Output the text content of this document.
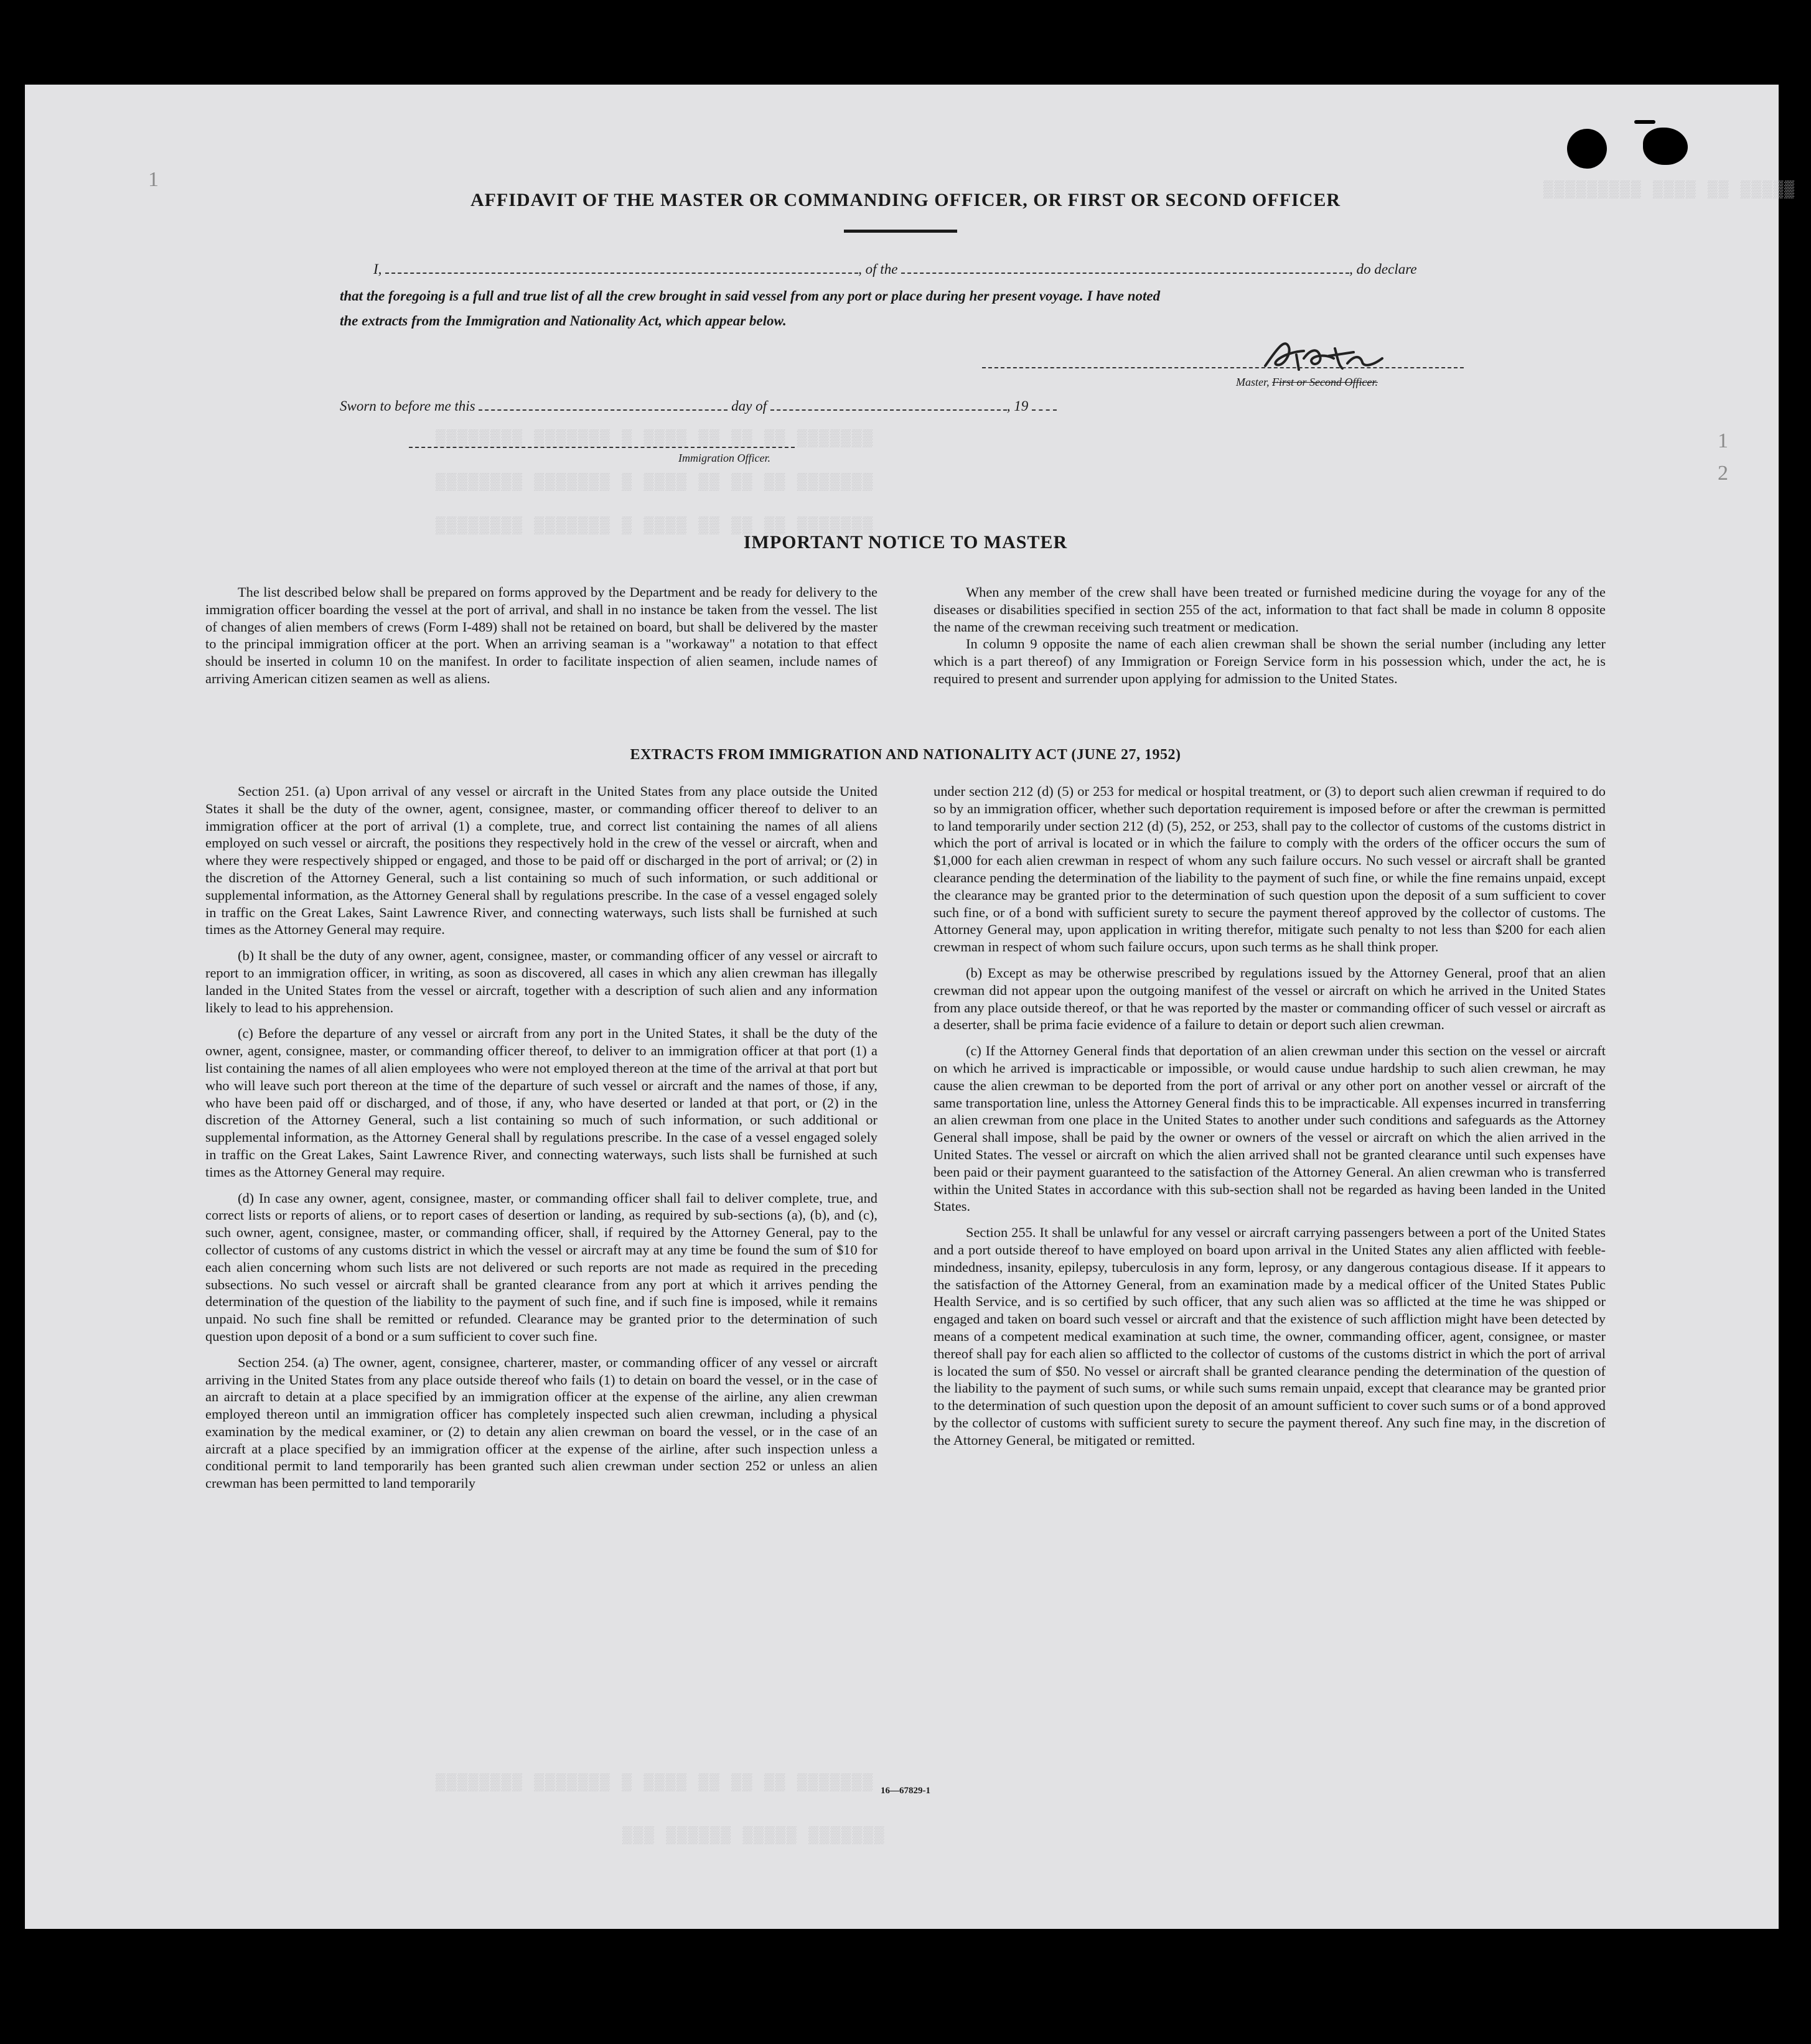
1
1
2
▒▒▒▒▒▒▒▒▒ ▒▒▒▒ ▒▒ ▒▒▒▒▒
▒▒▒▒▒▒▒▒ ▒▒▒▒▒▒▒ ▒ ▒▒▒▒ ▒▒ ▒▒ ▒▒ ▒▒▒▒▒▒▒
▒▒▒▒▒▒▒▒ ▒▒▒▒▒▒▒ ▒ ▒▒▒▒ ▒▒ ▒▒ ▒▒ ▒▒▒▒▒▒▒
▒▒▒▒▒▒▒▒ ▒▒▒▒▒▒▒ ▒ ▒▒▒▒ ▒▒ ▒▒ ▒▒ ▒▒▒▒▒▒▒
▒▒▒▒▒▒▒▒ ▒▒▒▒▒▒▒ ▒ ▒▒▒▒ ▒▒ ▒▒ ▒▒ ▒▒▒▒▒▒▒
▒▒▒ ▒▒▒▒▒▒ ▒▒▒▒▒ ▒▒▒▒▒▒▒
AFFIDAVIT OF THE MASTER OR COMMANDING OFFICER, OR FIRST OR SECOND OFFICER
I,	, of the	, do declare
that the foregoing is a full and true list of all the crew brought in said vessel from any port or place during her present voyage. I have noted
the extracts from the Immigration and Nationality Act, which appear below.
Master, First or Second Officer.
Sworn to before me this	day of	, 19
Immigration Officer.
IMPORTANT NOTICE TO MASTER

The list described below shall be prepared on forms approved by the Department and be ready for delivery to the immigration officer boarding the vessel at the port of arrival, and shall in no instance be taken from the vessel. The list of changes of alien members of crews (Form I-489) shall not be retained on board, but shall be delivered by the master to the principal immigration officer at the port. When an arriving seaman is a "workaway" a notation to that effect should be inserted in column 10 on the manifest. In order to facilitate inspection of alien seamen, include names of arriving American citizen seamen as well as aliens.

When any member of the crew shall have been treated or furnished medicine during the voyage for any of the diseases or disabilities specified in section 255 of the act, information to that fact shall be made in column 8 opposite the name of the crewman receiving such treatment or medication.

In column 9 opposite the name of each alien crewman shall be shown the serial number (including any letter which is a part thereof) of any Immigration or Foreign Service form in his possession which, under the act, he is required to present and surrender upon applying for admission to the United States.

EXTRACTS FROM IMMIGRATION AND NATIONALITY ACT (JUNE 27, 1952)

Section 251. (a) Upon arrival of any vessel or aircraft in the United States from any place outside the United States it shall be the duty of the owner, agent, consignee, master, or commanding officer thereof to deliver to an immigration officer at the port of arrival (1) a complete, true, and correct list containing the names of all aliens employed on such vessel or aircraft, the positions they respectively hold in the crew of the vessel or aircraft, when and where they were respectively shipped or engaged, and those to be paid off or discharged in the port of arrival; or (2) in the discretion of the Attorney General, such a list containing so much of such information, or such additional or supplemental information, as the Attorney General shall by regulations prescribe. In the case of a vessel engaged solely in traffic on the Great Lakes, Saint Lawrence River, and connecting waterways, such lists shall be furnished at such times as the Attorney General may require.

(b) It shall be the duty of any owner, agent, consignee, master, or commanding officer of any vessel or aircraft to report to an immigration officer, in writing, as soon as discovered, all cases in which any alien crewman has illegally landed in the United States from the vessel or aircraft, together with a description of such alien and any information likely to lead to his apprehension.

(c) Before the departure of any vessel or aircraft from any port in the United States, it shall be the duty of the owner, agent, consignee, master, or commanding officer thereof, to deliver to an immigration officer at that port (1) a list containing the names of all alien employees who were not employed thereon at the time of the arrival at that port but who will leave such port thereon at the time of the departure of such vessel or aircraft and the names of those, if any, who have been paid off or discharged, and of those, if any, who have deserted or landed at that port, or (2) in the discretion of the Attorney General, such a list containing so much of such information, or such additional or supplemental information, as the Attorney General shall by regulations prescribe. In the case of a vessel engaged solely in traffic on the Great Lakes, Saint Lawrence River, and connecting waterways, such lists shall be furnished at such times as the Attorney General may require.

(d) In case any owner, agent, consignee, master, or commanding officer shall fail to deliver complete, true, and correct lists or reports of aliens, or to report cases of desertion or landing, as required by sub-sections (a), (b), and (c), such owner, agent, consignee, master, or commanding officer, shall, if required by the Attorney General, pay to the collector of customs of any customs district in which the vessel or aircraft may at any time be found the sum of $10 for each alien concerning whom such lists are not delivered or such reports are not made as required in the preceding subsections. No such vessel or aircraft shall be granted clearance from any port at which it arrives pending the determination of the question of the liability to the payment of such fine, and if such fine is imposed, while it remains unpaid. No such fine shall be remitted or refunded. Clearance may be granted prior to the determination of such question upon deposit of a bond or a sum sufficient to cover such fine.

Section 254. (a) The owner, agent, consignee, charterer, master, or commanding officer of any vessel or aircraft arriving in the United States from any place outside thereof who fails (1) to detain on board the vessel, or in the case of an aircraft to detain at a place specified by an immigration officer at the expense of the airline, any alien crewman employed thereon until an immigration officer has completely inspected such alien crewman, including a physical examination by the medical examiner, or (2) to detain any alien crewman on board the vessel, or in the case of an aircraft at a place specified by an immigration officer at the expense of the airline, after such inspection unless a conditional permit to land temporarily has been granted such alien crewman under section 252 or unless an alien crewman has been permitted to land temporarily

under section 212 (d) (5) or 253 for medical or hospital treatment, or (3) to deport such alien crewman if required to do so by an immigration officer, whether such deportation requirement is imposed before or after the crewman is permitted to land temporarily under section 212 (d) (5), 252, or 253, shall pay to the collector of customs of the customs district in which the port of arrival is located or in which the failure to comply with the orders of the officer occurs the sum of $1,000 for each alien crewman in respect of whom any such failure occurs. No such vessel or aircraft shall be granted clearance pending the determination of the liability to the payment of such fine, or while the fine remains unpaid, except the clearance may be granted prior to the determination of such question upon the deposit of a sum sufficient to cover such fine, or of a bond with sufficient surety to secure the payment thereof approved by the collector of customs. The Attorney General may, upon application in writing therefor, mitigate such penalty to not less than $200 for each alien crewman in respect of whom such failure occurs, upon such terms as he shall think proper.

(b) Except as may be otherwise prescribed by regulations issued by the Attorney General, proof that an alien crewman did not appear upon the outgoing manifest of the vessel or aircraft on which he arrived in the United States from any place outside thereof, or that he was reported by the master or commanding officer of such vessel or aircraft as a deserter, shall be prima facie evidence of a failure to detain or deport such alien crewman.

(c) If the Attorney General finds that deportation of an alien crewman under this section on the vessel or aircraft on which he arrived is impracticable or impossible, or would cause undue hardship to such alien crewman, he may cause the alien crewman to be deported from the port of arrival or any other port on another vessel or aircraft of the same transportation line, unless the Attorney General finds this to be impracticable. All expenses incurred in transferring an alien crewman from one place in the United States to another under such conditions and safeguards as the Attorney General shall impose, shall be paid by the owner or owners of the vessel or aircraft on which the alien arrived in the United States. The vessel or aircraft on which the alien arrived shall not be granted clearance until such expenses have been paid or their payment guaranteed to the satisfaction of the Attorney General. An alien crewman who is transferred within the United States in accordance with this sub-section shall not be regarded as having been landed in the United States.

Section 255. It shall be unlawful for any vessel or aircraft carrying passengers between a port of the United States and a port outside thereof to have employed on board upon arrival in the United States any alien afflicted with feeble-mindedness, insanity, epilepsy, tuberculosis in any form, leprosy, or any dangerous contagious disease. If it appears to the satisfaction of the Attorney General, from an examination made by a medical officer of the United States Public Health Service, and is so certified by such officer, that any such alien was so afflicted at the time he was shipped or engaged and taken on board such vessel or aircraft and that the existence of such affliction might have been detected by means of a competent medical examination at such time, the owner, commanding officer, agent, consignee, or master thereof shall pay for each alien so afflicted to the collector of customs of the customs district in which the port of arrival is located the sum of $50. No vessel or aircraft shall be granted clearance pending the determination of the question of the liability to the payment of such sums, or while such sums remain unpaid, except that clearance may be granted prior to the determination of such question upon the deposit of an amount sufficient to cover such sums or of a bond approved by the collector of customs with sufficient surety to secure the payment thereof. Any such fine may, in the discretion of the Attorney General, be mitigated or remitted.

16—67829-1
